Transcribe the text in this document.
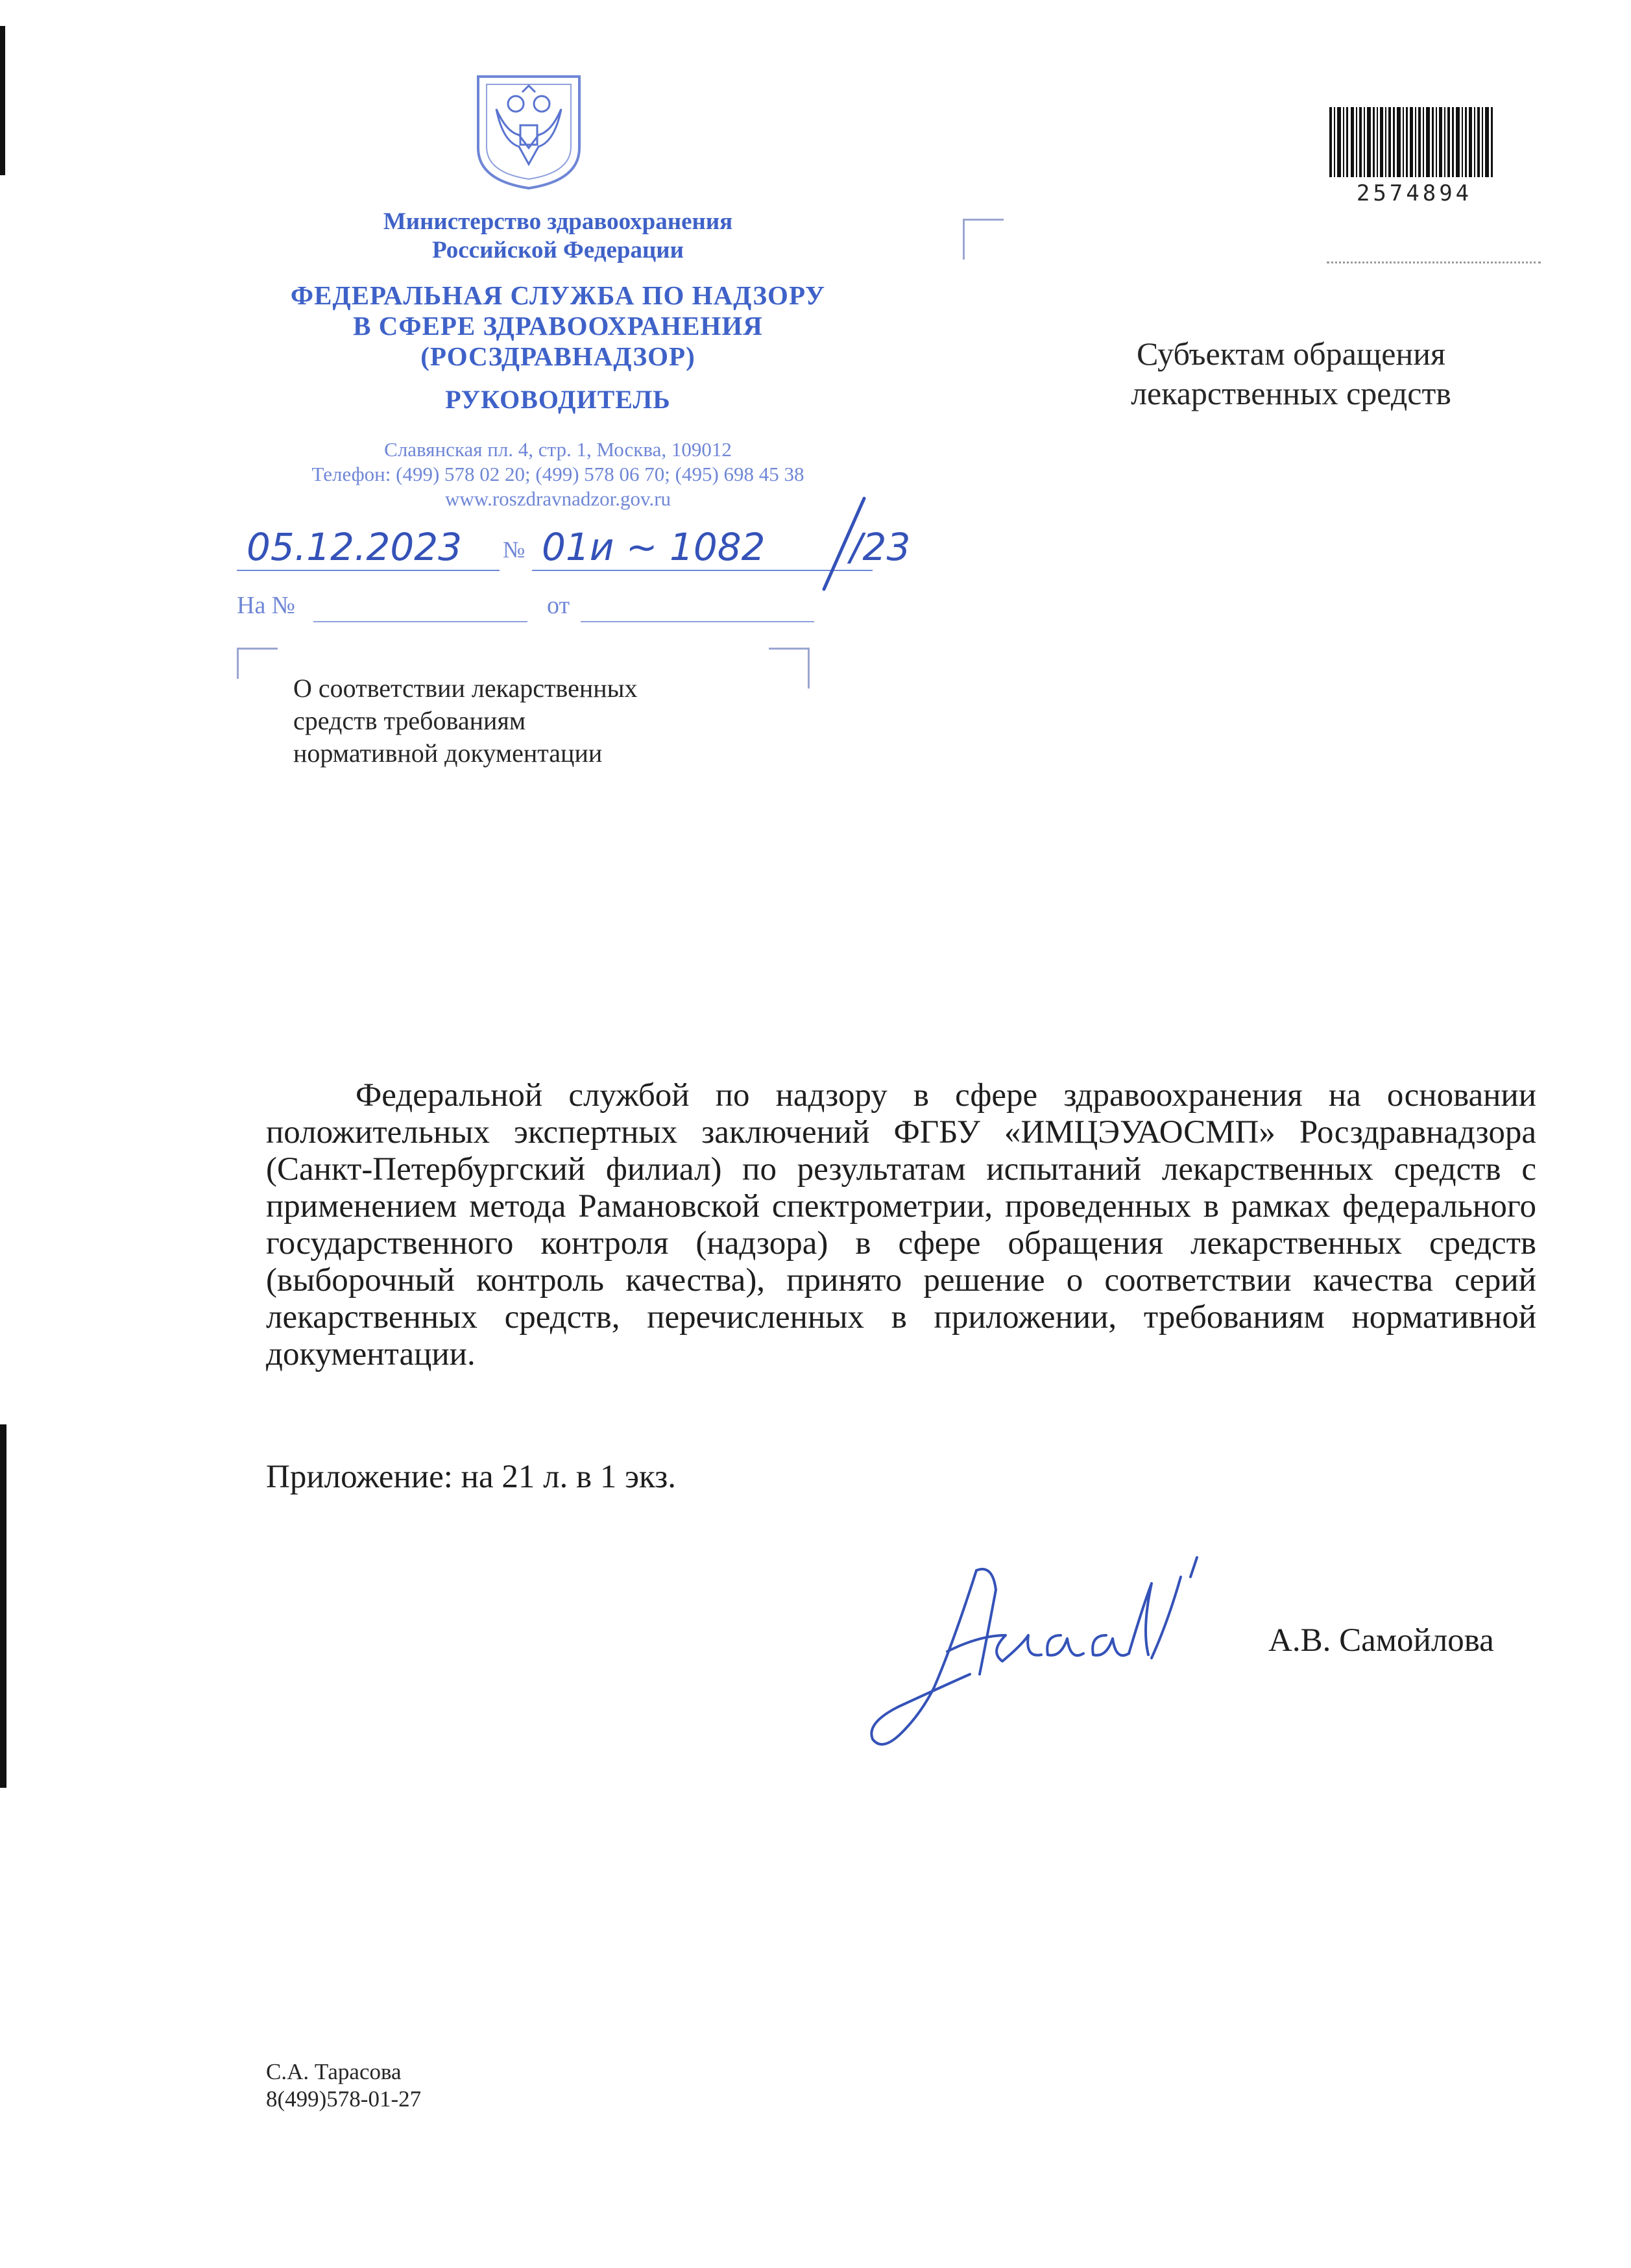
Министерство здравоохранения
Российской Федерации
ФЕДЕРАЛЬНАЯ СЛУЖБА ПО НАДЗОРУ
В СФЕРЕ ЗДРАВООХРАНЕНИЯ
(РОСЗДРАВНАДЗОР)
РУКОВОДИТЕЛЬ
Славянская пл. 4, стр. 1, Москва, 109012
Телефон: (499) 578 02 20; (499) 578 06 70; (495) 698 45 38
www.roszdravnadzor.gov.ru
05.12.2023 № 01и ~ 1082 /23
На №	от
2574894
Субъектам обращения
лекарственных средств
О соответствии лекарственных
средств требованиям
нормативной документации

Федеральной службой по надзору в сфере здравоохранения на основании положительных экспертных заключений ФГБУ «ИМЦЭУАОСМП» Росздравнадзора (Санкт-Петербургский филиал) по результатам испытаний лекарственных средств с применением метода Рамановской спектрометрии, проведенных в рамках федерального государственного контроля (надзора) в сфере обращения лекарственных средств (выборочный контроль качества), принято решение о соответствии качества серий лекарственных средств, перечисленных в приложении, требованиям нормативной документации.

Приложение: на 21 л. в 1 экз.
А.В. Самойлова
С.А. Тарасова
8(499)578-01-27
